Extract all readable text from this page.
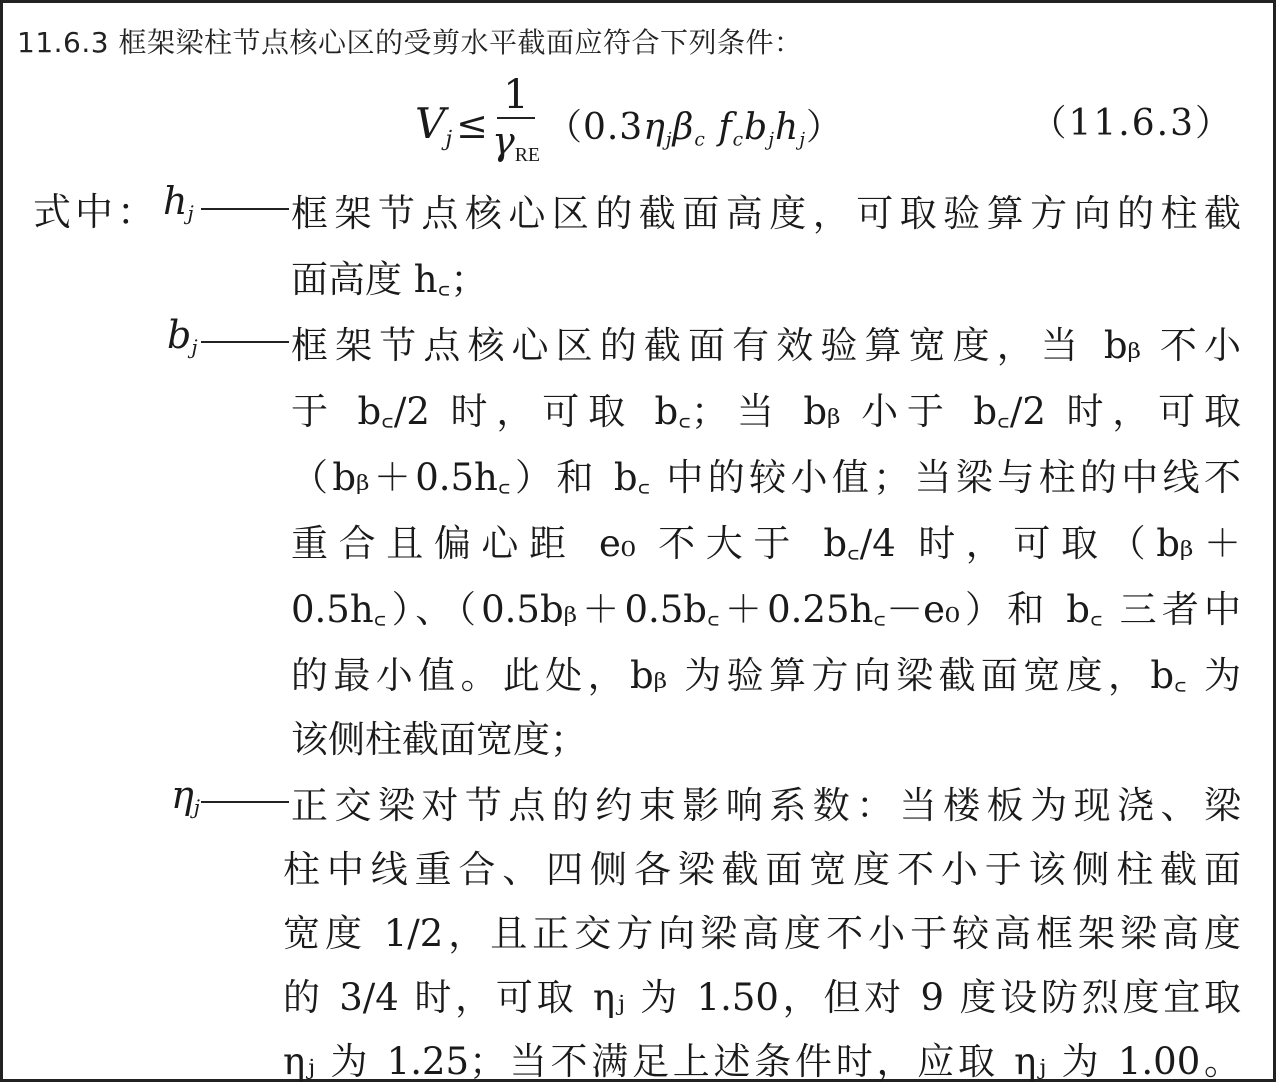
11.6.3 框架梁柱节点核心区的受剪水平截面应符合下列条件：
$V_j \le \frac{1}{\text{γRE}} (0.3\eta_j\beta_c$ $f_cb_jh_j$）	（11.6.3）
式中： $h_j$	框架节点核心区的截面高度，可取验算方向的柱截
面高度 h꜀；
$b_j$	框架节点核心区的截面有效验算宽度，当 bᵦ 不小
于 b꜀/2 时，可取 b꜀；当 bᵦ 小于 b꜀/2 时，可取
（bᵦ＋0.5h꜀）和 b꜀ 中的较小值；当梁与柱的中线不
重合且偏心距 e₀ 不大于 b꜀/4 时，可取（bᵦ＋
0.5h꜀）、（0.5bᵦ＋0.5b꜀＋0.25h꜀－e₀）和 b꜀ 三者中
的最小值。此处，bᵦ 为验算方向梁截面宽度，b꜀ 为
该侧柱截面宽度；
$\eta_j$ 正交梁对节点的约束影响系数：当楼板为现浇、梁
柱中线重合、四侧各梁截面宽度不小于该侧柱截面
宽度 1/2，且正交方向梁高度不小于较高框架梁高度
的 3/4 时，可取 ηⱼ 为 1.50，但对 9 度设防烈度宜取
ηⱼ 为 1.25；当不满足上述条件时，应取 ηⱼ 为 1.00。
